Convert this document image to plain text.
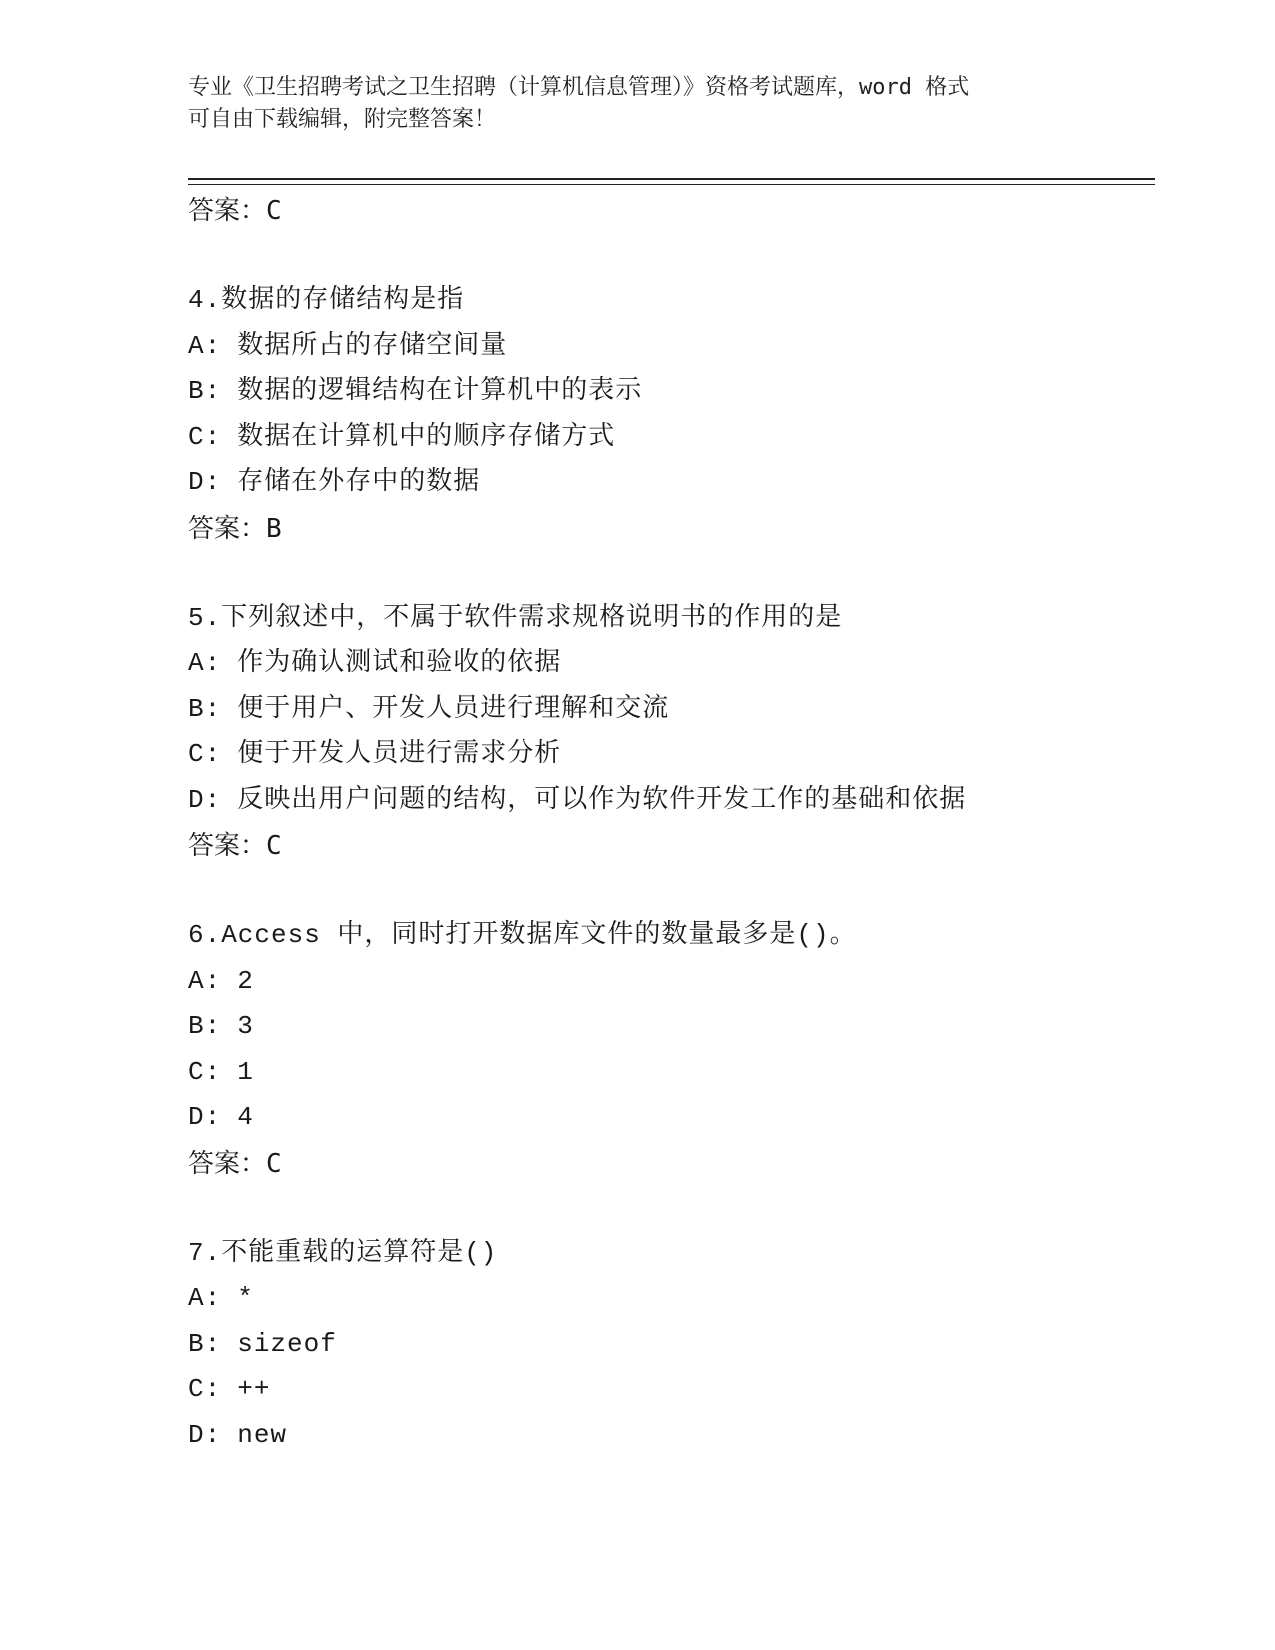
专业《卫生招聘考试之卫生招聘（计算机信息管理）》资格考试题库，word 格式
可自由下载编辑，附完整答案！
答案：C
4.数据的存储结构是指
A: 数据所占的存储空间量
B: 数据的逻辑结构在计算机中的表示
C: 数据在计算机中的顺序存储方式
D: 存储在外存中的数据
答案：B
5.下列叙述中，不属于软件需求规格说明书的作用的是
A: 作为确认测试和验收的依据
B: 便于用户、开发人员进行理解和交流
C: 便于开发人员进行需求分析
D: 反映出用户问题的结构，可以作为软件开发工作的基础和依据
答案：C
6.Access 中，同时打开数据库文件的数量最多是()。
A: 2
B: 3
C: 1
D: 4
答案：C
7.不能重载的运算符是()
A: *
B: sizeof
C: ++
D: new
